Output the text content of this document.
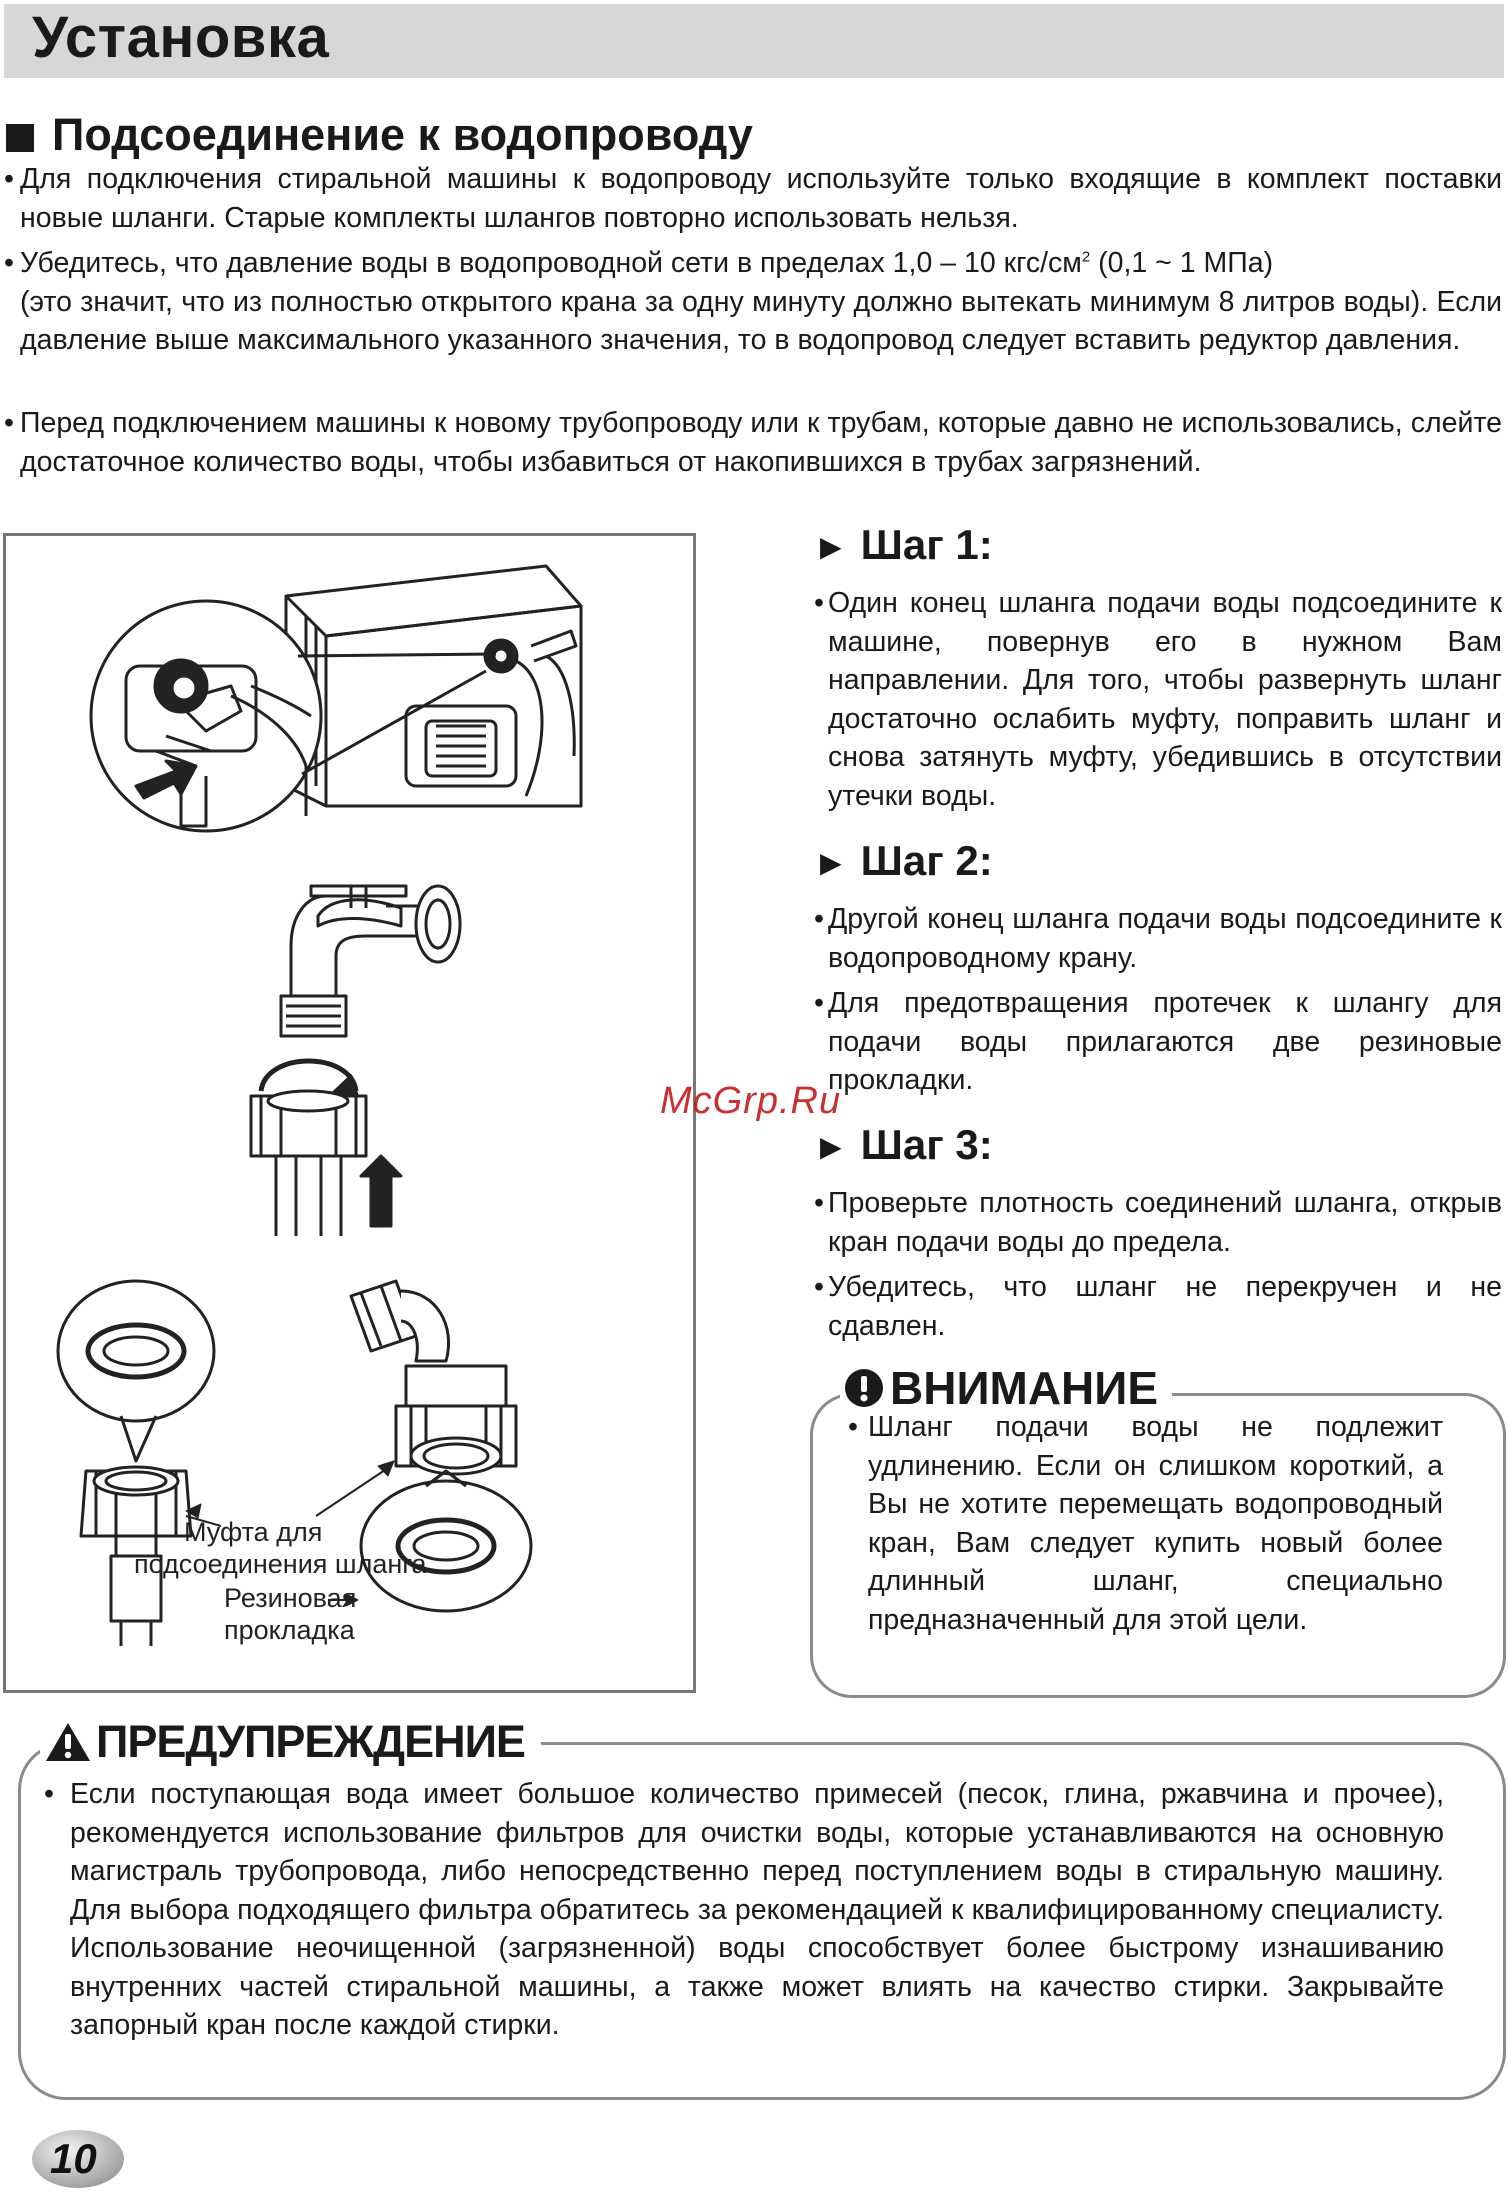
Установка
Подсоединение к водопроводу
• Для подключения стиральной машины к водопроводу используйте только входящие в комплект поставки новые шланги. Старые комплекты шлангов повторно использовать нельзя.
• Убедитесь, что давление воды в водопроводной сети в пределах 1,0 – 10 кгс/$см^2$ (0,1 ~ 1 МПа)
(это значит, что из полностью открытого крана за одну минуту должно вытекать минимум 8 литров воды). Если давление выше максимального указанного значения, то в водопровод следует вставить редуктор давления.
• Перед подключением машины к новому трубопроводу или к трубам, которые давно не использовались, слейте достаточное количество воды, чтобы избавиться от накопившихся в трубах загрязнений.
Муфта для
подсоединения шланга
Резиновая
прокладка
► Шаг 1:
• Один конец шланга подачи воды подсоедините к машине, повернув его в нужном Вам направлении. Для того, чтобы развернуть шланг достаточно ослабить муфту, поправить шланг и снова затянуть муфту, убедившись в отсутствии утечки воды.
► Шаг 2:
• Другой конец шланга подачи воды подсоедините к водопроводному крану.
• Для предотвращения протечек к шлангу для подачи воды прилагаются две резиновые прокладки.
► Шаг 3:
• Проверьте плотность соединений шланга, открыв кран подачи воды до предела.
• Убедитесь, что шланг не перекручен и не сдавлен.
McGrp.Ru
ВНИМАНИЕ
• Шланг подачи воды не подлежит удлинению. Если он слишком короткий, а Вы не хотите перемещать водопроводный кран, Вам следует купить новый более длинный шланг, специально предназначенный для этой цели.
ПРЕДУПРЕЖДЕНИЕ
• Если поступающая вода имеет большое количество примесей (песок, глина, ржавчина и прочее), рекомендуется использование фильтров для очистки воды, которые устанавливаются на основную магистраль трубопровода, либо непосредственно перед поступлением воды в стиральную машину. Для выбора подходящего фильтра обратитесь за рекомендацией к квалифицированному специалисту. Использование неочищенной (загрязненной) воды способствует более быстрому изнашиванию внутренних частей стиральной машины, а также может влиять на качество стирки. Закрывайте запорный кран после каждой стирки.
10
